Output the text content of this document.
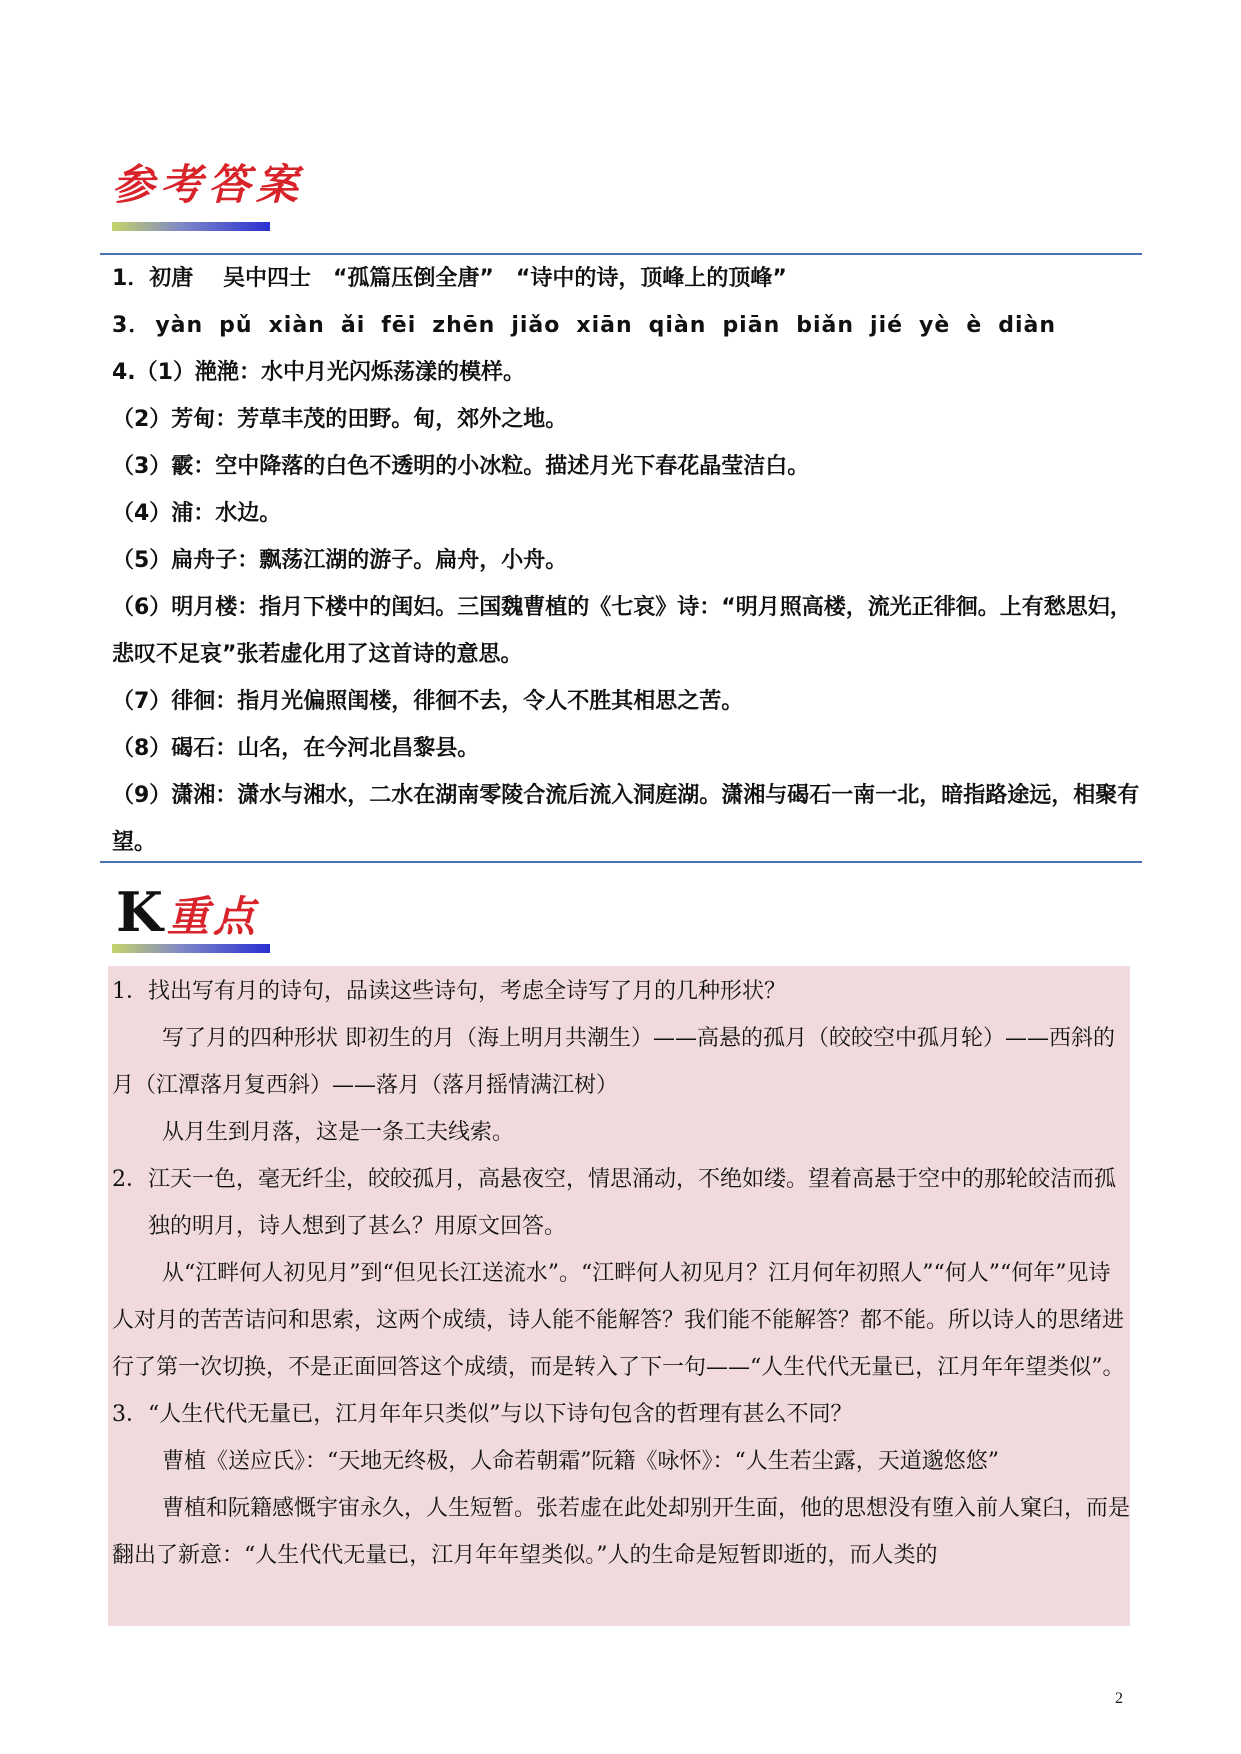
参考答案
1．初唐　 吴中四士　“孤篇压倒全唐”　“诗中的诗，顶峰上的顶峰”
3． yàn pǔ xiàn ǎi fēi zhēn jiǎo xiān qiàn piān biǎn jié yè è diàn
4.（1）滟滟：水中月光闪烁荡漾的模样。
（2）芳甸：芳草丰茂的田野。甸，郊外之地。
（3）霰：空中降落的白色不透明的小冰粒。描述月光下春花晶莹洁白。
（4）浦：水边。
（5）扁舟子：飘荡江湖的游子。扁舟，小舟。
（6）明月楼：指月下楼中的闺妇。三国魏曹植的《七哀》诗：“明月照高楼，流光正徘徊。上有愁思妇，悲叹不足哀”张若虚化用了这首诗的意思。
（7）徘徊：指月光偏照闺楼，徘徊不去，令人不胜其相思之苦。
（8）碣石：山名，在今河北昌黎县。
（9）潇湘：潇水与湘水，二水在湖南零陵合流后流入洞庭湖。潇湘与碣石一南一北，暗指路途远，相聚有望。
K重点
1．找出写有月的诗句，品读这些诗句，考虑全诗写了月的几种形状？
写了月的四种形状 即初生的月（海上明月共潮生）——高悬的孤月（皎皎空中孤月轮）——西斜的月（江潭落月复西斜）——落月（落月摇情满江树）
从月生到月落，这是一条工夫线索。
2．江天一色，毫无纤尘，皎皎孤月，高悬夜空，情思涌动，不绝如缕。望着高悬于空中的那轮皎洁而孤独的明月，诗人想到了甚么？用原文回答。
从“江畔何人初见月”到“但见长江送流水”。“江畔何人初见月？江月何年初照人”“何人”“何年”见诗人对月的苦苦诘问和思索，这两个成绩，诗人能不能解答？我们能不能解答？都不能。所以诗人的思绪进行了第一次切换，不是正面回答这个成绩，而是转入了下一句——“人生代代无量已，江月年年望类似”。
3．“人生代代无量已，江月年年只类似”与以下诗句包含的哲理有甚么不同？
曹植《送应氏》：“天地无终极，人命若朝霜”阮籍《咏怀》：“人生若尘露，天道邈悠悠”
曹植和阮籍感慨宇宙永久，人生短暂。张若虚在此处却别开生面，他的思想没有堕入前人窠臼，而是翻出了新意：“人生代代无量已，江月年年望类似。”人的生命是短暂即逝的，而人类的
2
